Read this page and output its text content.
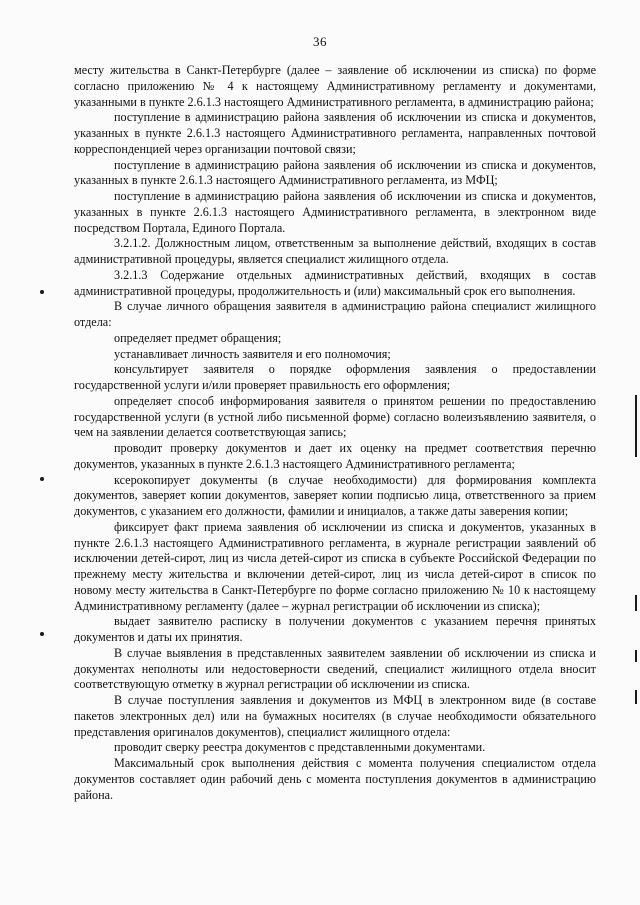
36

месту жительства в Санкт-Петербурге (далее – заявление об исключении из списка) по форме согласно приложению № 4 к настоящему Административному регламенту и документами, указанными в пункте 2.6.1.3 настоящего Административного регламента, в администрацию района;

поступление в администрацию района заявления об исключении из списка и документов, указанных в пункте 2.6.1.3 настоящего Административного регламента, направленных почтовой корреспонденцией через организации почтовой связи;

поступление в администрацию района заявления об исключении из списка и документов, указанных в пункте 2.6.1.3 настоящего Административного регламента, из МФЦ;

поступление в администрацию района заявления об исключении из списка и документов, указанных в пункте 2.6.1.3 настоящего Административного регламента, в электронном виде посредством Портала, Единого Портала.

3.2.1.2. Должностным лицом, ответственным за выполнение действий, входящих в состав административной процедуры, является специалист жилищного отдела.

3.2.1.3 Содержание отдельных административных действий, входящих в состав административной процедуры, продолжительность и (или) максимальный срок его выполнения.

В случае личного обращения заявителя в администрацию района специалист жилищного отдела:

определяет предмет обращения;

устанавливает личность заявителя и его полномочия;

консультирует заявителя о порядке оформления заявления о предоставлении государственной услуги и/или проверяет правильность его оформления;

определяет способ информирования заявителя о принятом решении по предоставлению государственной услуги (в устной либо письменной форме) согласно волеизъявлению заявителя, о чем на заявлении делается соответствующая запись;

проводит проверку документов и дает их оценку на предмет соответствия перечню документов, указанных в пункте 2.6.1.3 настоящего Административного регламента;

ксерокопирует документы (в случае необходимости) для формирования комплекта документов, заверяет копии документов, заверяет копии подписью лица, ответственного за прием документов, с указанием его должности, фамилии и инициалов, а также даты заверения копии;

фиксирует факт приема заявления об исключении из списка и документов, указанных в пункте 2.6.1.3 настоящего Административного регламента, в журнале регистрации заявлений об исключении детей-сирот, лиц из числа детей-сирот из списка в субъекте Российской Федерации по прежнему месту жительства и включении детей-сирот, лиц из числа детей-сирот в список по новому месту жительства в Санкт-Петербурге по форме согласно приложению № 10 к настоящему Административному регламенту (далее – журнал регистрации об исключении из списка);

выдает заявителю расписку в получении документов с указанием перечня принятых документов и даты их принятия.

В случае выявления в представленных заявителем заявлении об исключении из списка и документах неполноты или недостоверности сведений, специалист жилищного отдела вносит соответствующую отметку в журнал регистрации об исключении из списка.

В случае поступления заявления и документов из МФЦ в электронном виде (в составе пакетов электронных дел) или на бумажных носителях (в случае необходимости обязательного представления оригиналов документов), специалист жилищного отдела:

проводит сверку реестра документов с представленными документами.

Максимальный срок выполнения действия с момента получения специалистом отдела документов составляет один рабочий день с момента поступления документов в администрацию района.
